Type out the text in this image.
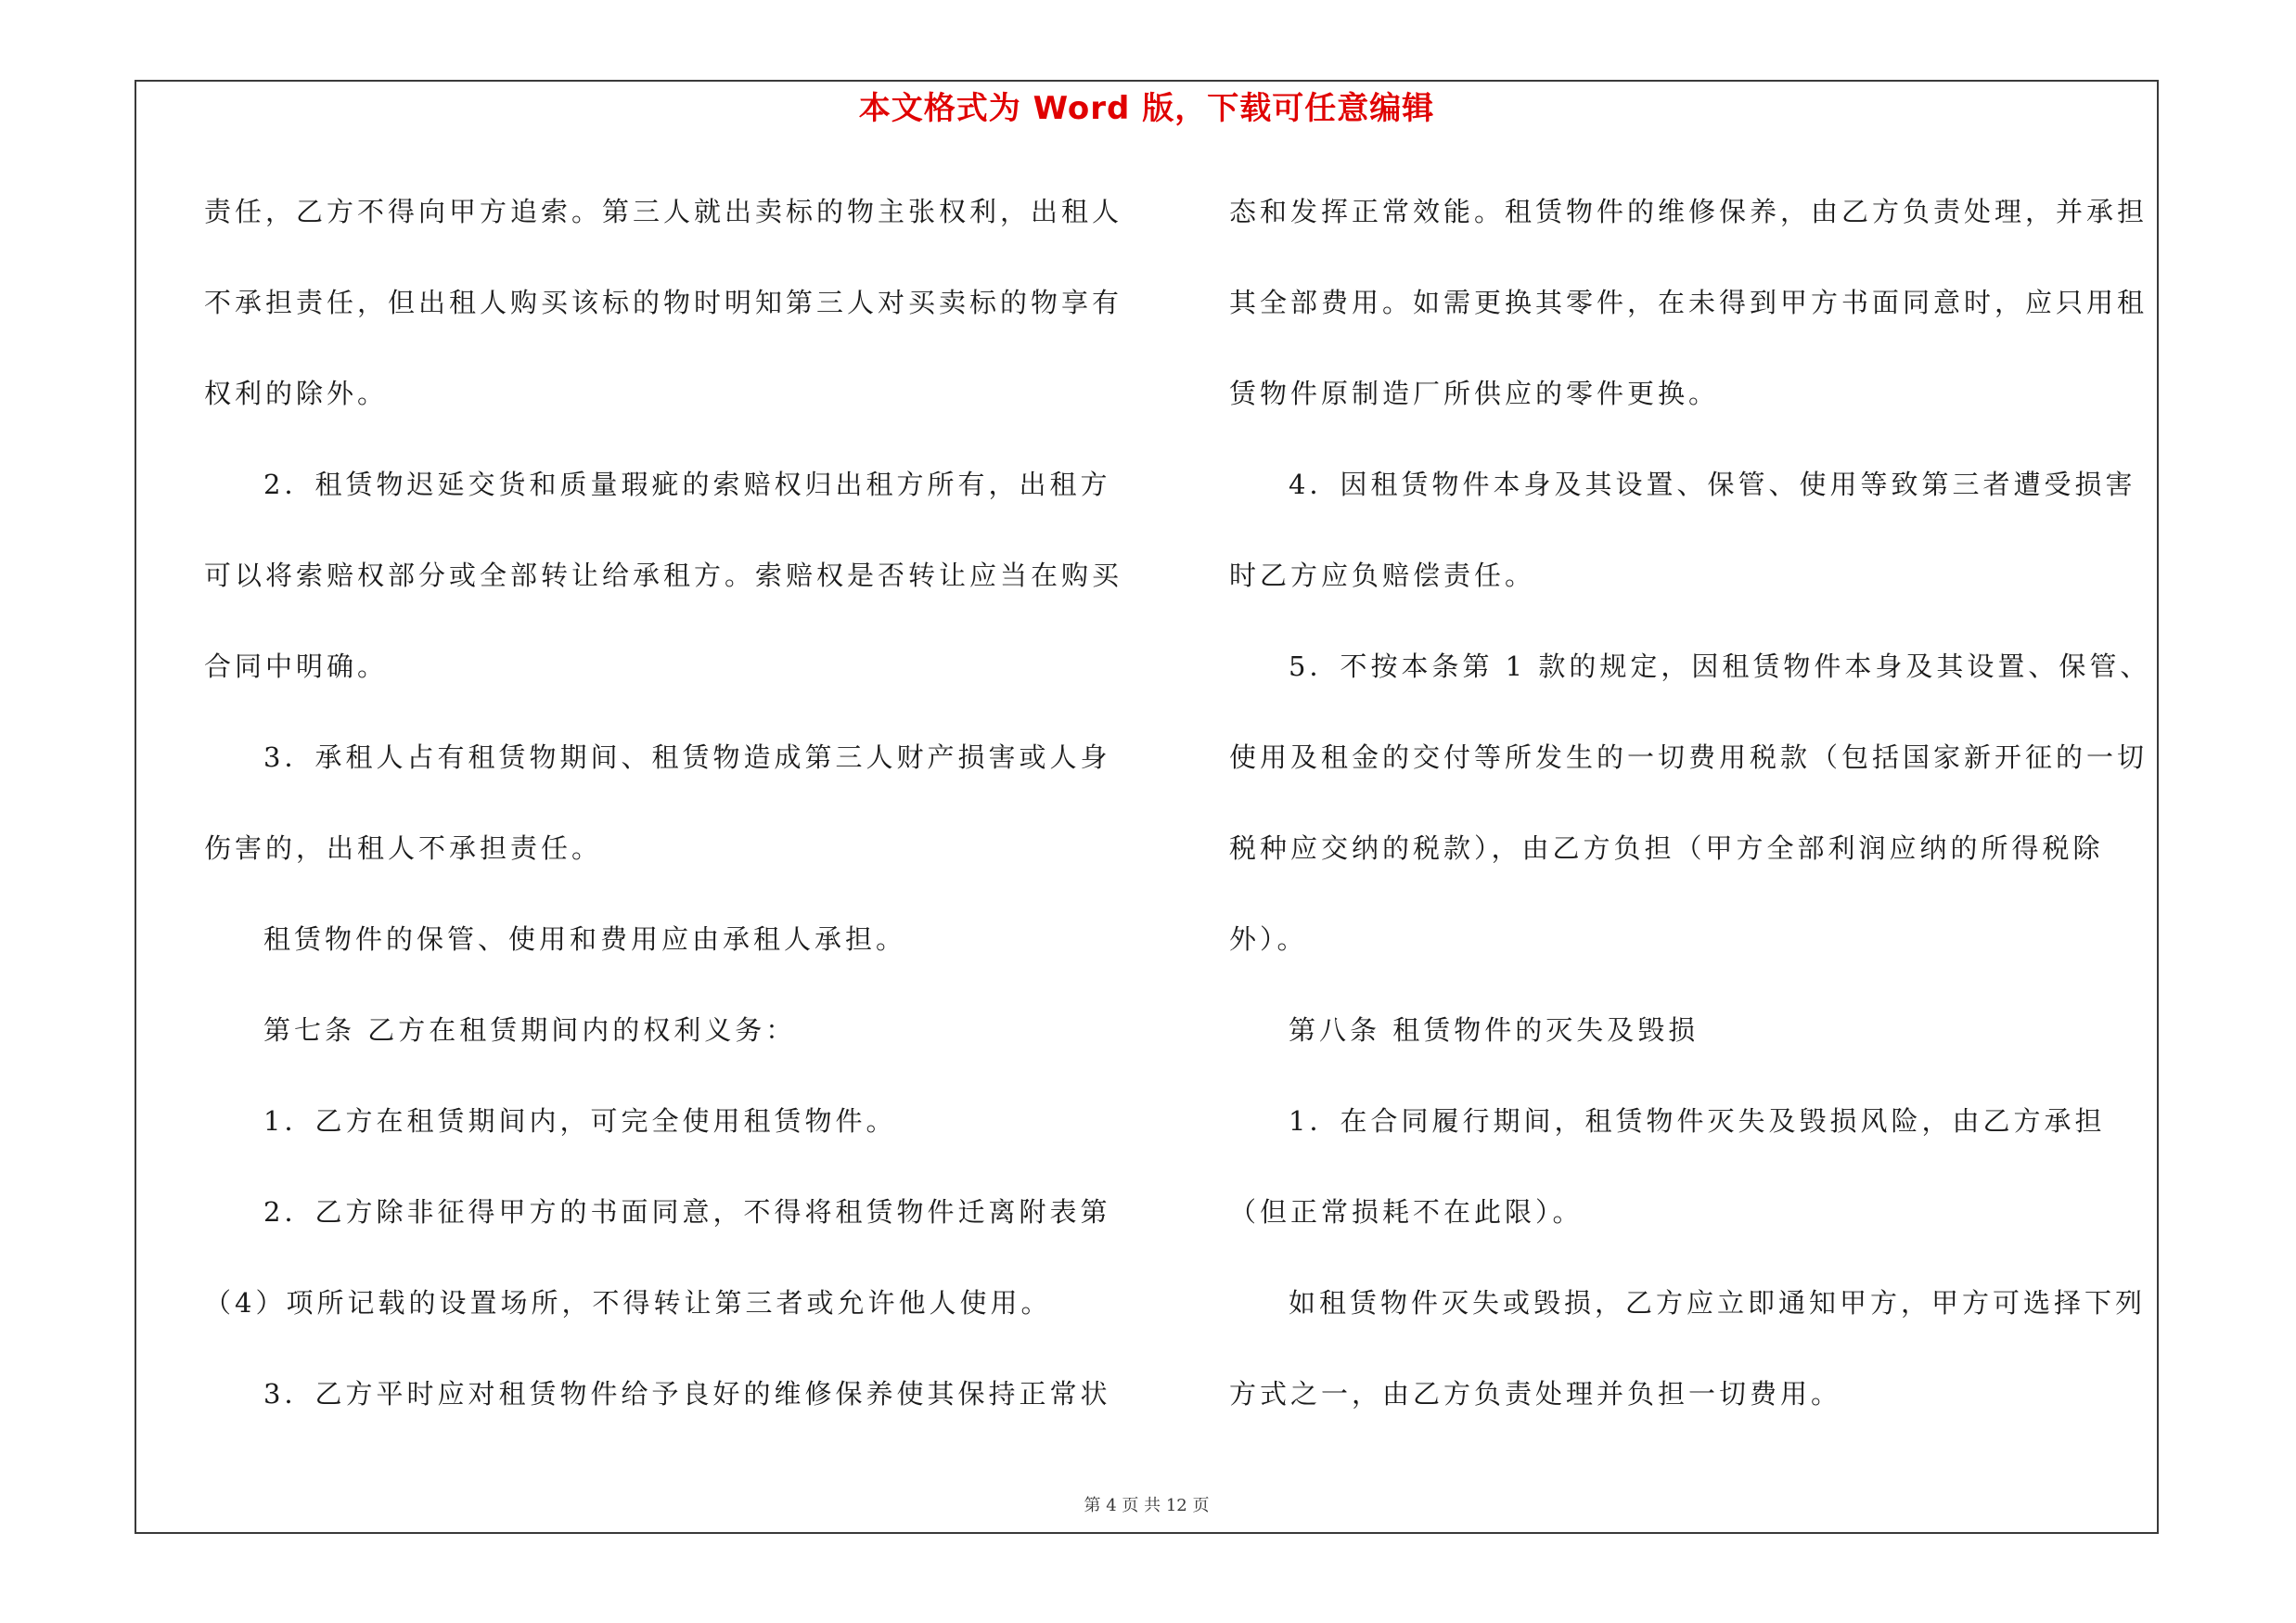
本文格式为 Word 版，下载可任意编辑
责任，乙方不得向甲方追索。第三人就出卖标的物主张权利，出租人
不承担责任，但出租人购买该标的物时明知第三人对买卖标的物享有
权利的除外。
2．租赁物迟延交货和质量瑕疵的索赔权归出租方所有，出租方
可以将索赔权部分或全部转让给承租方。索赔权是否转让应当在购买
合同中明确。
3．承租人占有租赁物期间、租赁物造成第三人财产损害或人身
伤害的，出租人不承担责任。
租赁物件的保管、使用和费用应由承租人承担。
第七条 乙方在租赁期间内的权利义务：
1．乙方在租赁期间内，可完全使用租赁物件。
2．乙方除非征得甲方的书面同意，不得将租赁物件迁离附表第
（4）项所记载的设置场所，不得转让第三者或允许他人使用。
3．乙方平时应对租赁物件给予良好的维修保养使其保持正常状
态和发挥正常效能。租赁物件的维修保养，由乙方负责处理，并承担
其全部费用。如需更换其零件，在未得到甲方书面同意时，应只用租
赁物件原制造厂所供应的零件更换。
4．因租赁物件本身及其设置、保管、使用等致第三者遭受损害
时乙方应负赔偿责任。
5．不按本条第 1 款的规定，因租赁物件本身及其设置、保管、
使用及租金的交付等所发生的一切费用税款（包括国家新开征的一切
税种应交纳的税款），由乙方负担（甲方全部利润应纳的所得税除
外）。
第八条 租赁物件的灭失及毁损
1．在合同履行期间，租赁物件灭失及毁损风险，由乙方承担
（但正常损耗不在此限）。
如租赁物件灭失或毁损，乙方应立即通知甲方，甲方可选择下列
方式之一，由乙方负责处理并负担一切费用。
第 4 页 共 12 页
